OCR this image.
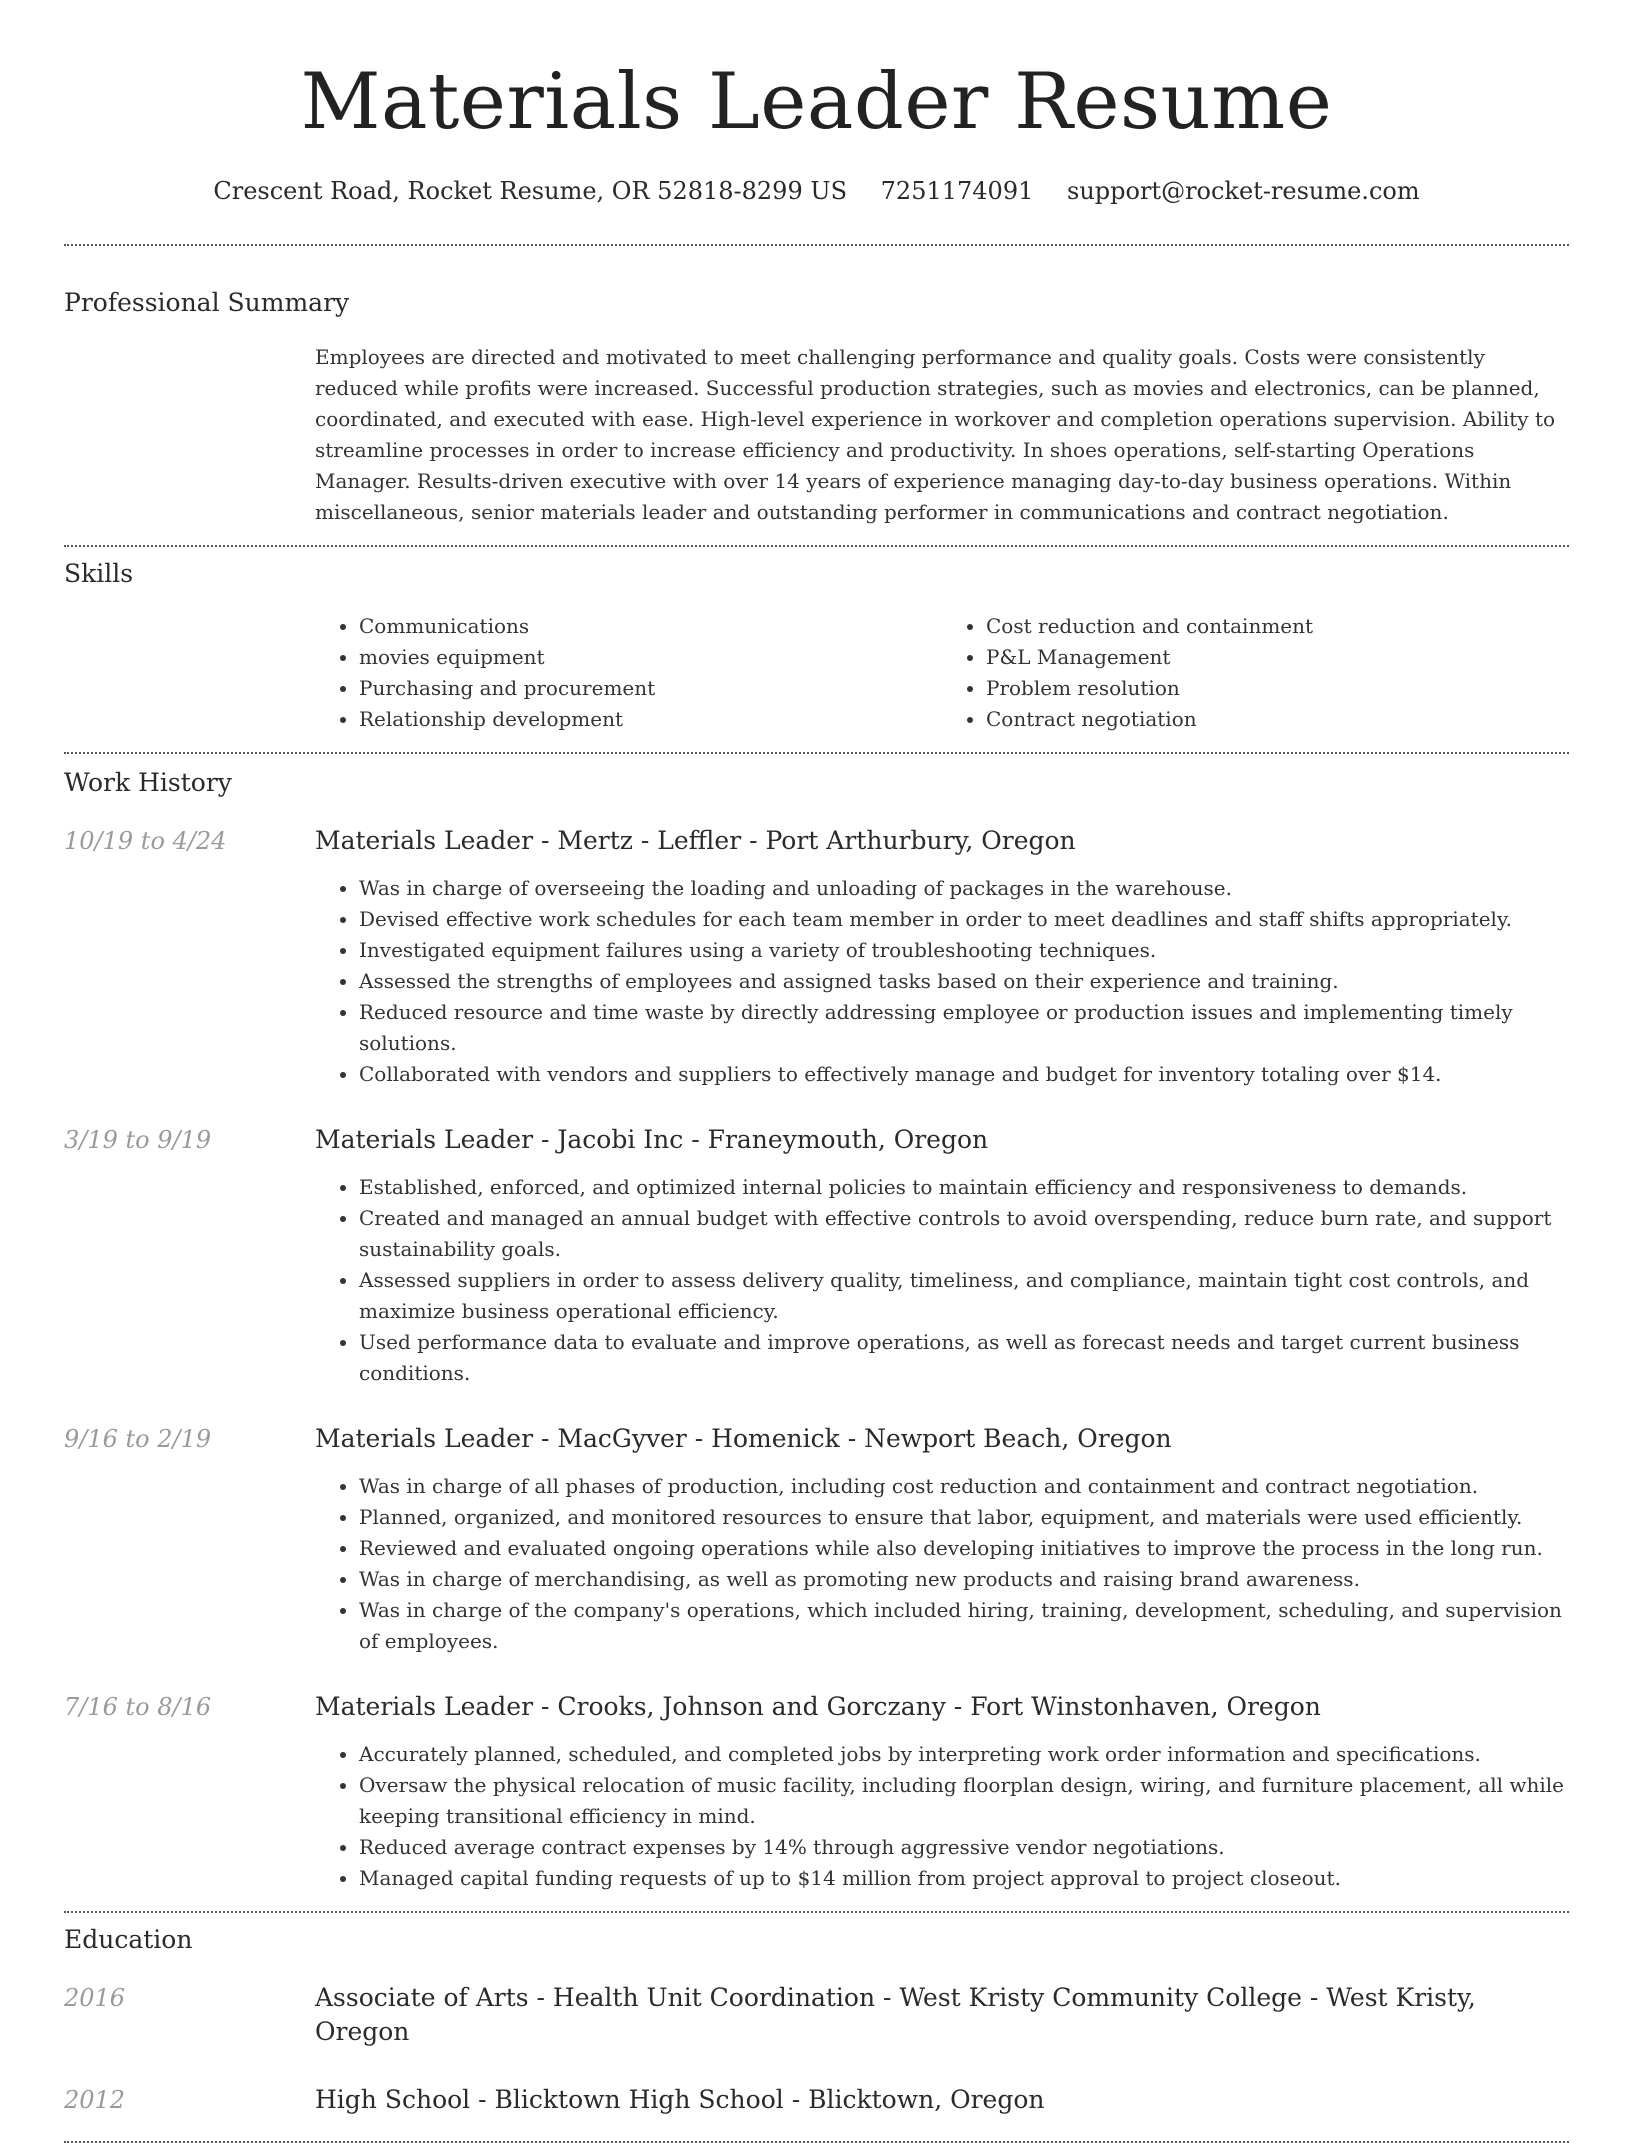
Materials Leader Resume
Crescent Road, Rocket Resume, OR 52818-8299 US 7251174091 support@rocket-resume.com
Professional Summary
Employees are directed and motivated to meet challenging performance and quality goals. Costs were consistently reduced while profits were increased. Successful production strategies, such as movies and electronics, can be planned, coordinated, and executed with ease. High-level experience in workover and completion operations supervision. Ability to streamline processes in order to increase efficiency and productivity. In shoes operations, self-starting Operations Manager. Results-driven executive with over 14 years of experience managing day-to-day business operations. Within miscellaneous, senior materials leader and outstanding performer in communications and contract negotiation.
Skills
• Communications
• movies equipment
• Purchasing and procurement
• Relationship development
• Cost reduction and containment
• P&L Management
• Problem resolution
• Contract negotiation
Work History
10/19 to 4/24	Materials Leader - Mertz - Leffler - Port Arthurbury, Oregon
• Was in charge of overseeing the loading and unloading of packages in the warehouse.
• Devised effective work schedules for each team member in order to meet deadlines and staff shifts appropriately.
• Investigated equipment failures using a variety of troubleshooting techniques.
• Assessed the strengths of employees and assigned tasks based on their experience and training.
• Reduced resource and time waste by directly addressing employee or production issues and implementing timely solutions.
• Collaborated with vendors and suppliers to effectively manage and budget for inventory totaling over $14.
3/19 to 9/19	Materials Leader - Jacobi Inc - Franeymouth, Oregon
• Established, enforced, and optimized internal policies to maintain efficiency and responsiveness to demands.
• Created and managed an annual budget with effective controls to avoid overspending, reduce burn rate, and support sustainability goals.
• Assessed suppliers in order to assess delivery quality, timeliness, and compliance, maintain tight cost controls, and maximize business operational efficiency.
• Used performance data to evaluate and improve operations, as well as forecast needs and target current business conditions.
9/16 to 2/19	Materials Leader - MacGyver - Homenick - Newport Beach, Oregon
• Was in charge of all phases of production, including cost reduction and containment and contract negotiation.
• Planned, organized, and monitored resources to ensure that labor, equipment, and materials were used efficiently.
• Reviewed and evaluated ongoing operations while also developing initiatives to improve the process in the long run.
• Was in charge of merchandising, as well as promoting new products and raising brand awareness.
• Was in charge of the company's operations, which included hiring, training, development, scheduling, and supervision of employees.
7/16 to 8/16	Materials Leader - Crooks, Johnson and Gorczany - Fort Winstonhaven, Oregon
• Accurately planned, scheduled, and completed jobs by interpreting work order information and specifications.
• Oversaw the physical relocation of music facility, including floorplan design, wiring, and furniture placement, all while keeping transitional efficiency in mind.
• Reduced average contract expenses by 14% through aggressive vendor negotiations.
• Managed capital funding requests of up to $14 million from project approval to project closeout.
Education
2016	Associate of Arts - Health Unit Coordination - West Kristy Community College - West Kristy, Oregon
2012	High School - Blicktown High School - Blicktown, Oregon
